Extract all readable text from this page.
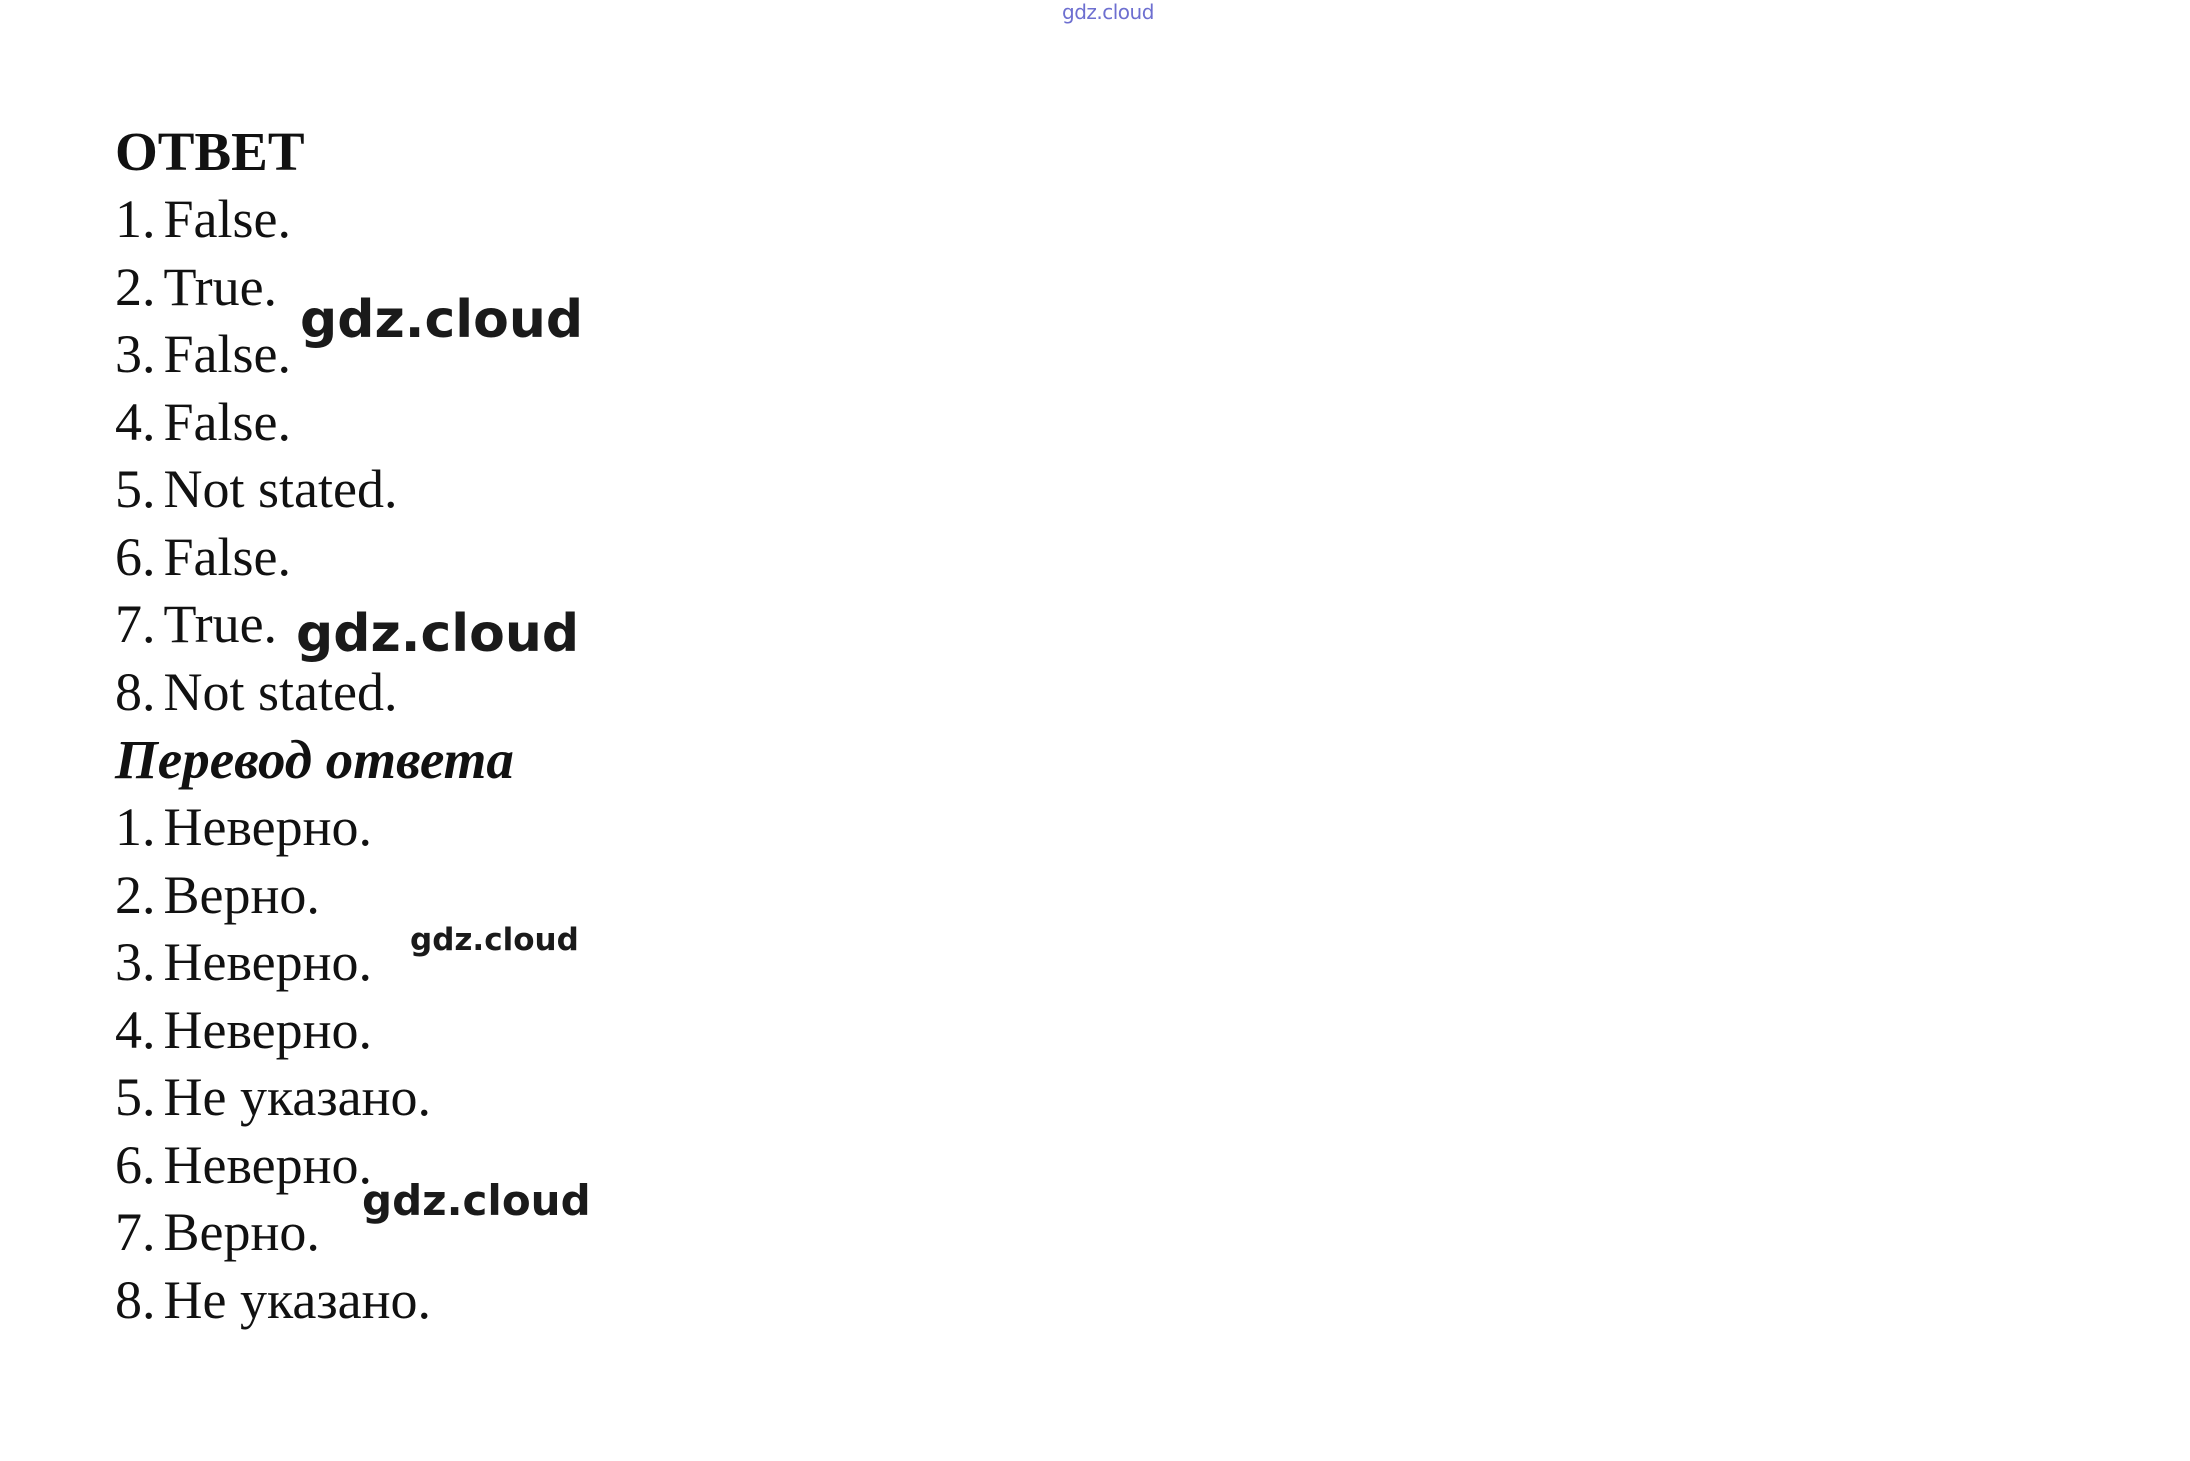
gdz.cloud
ОТВЕТ
1. False.
2. True.
3. False.
4. False.
5. Not stated.
6. False.
7. True.
8. Not stated.
Перевод ответа
1. Неверно.
2. Верно.
3. Неверно.
4. Неверно.
5. Не указано.
6. Неверно.
7. Верно.
8. Не указано.
gdz.cloud
gdz.cloud
gdz.cloud
gdz.cloud
